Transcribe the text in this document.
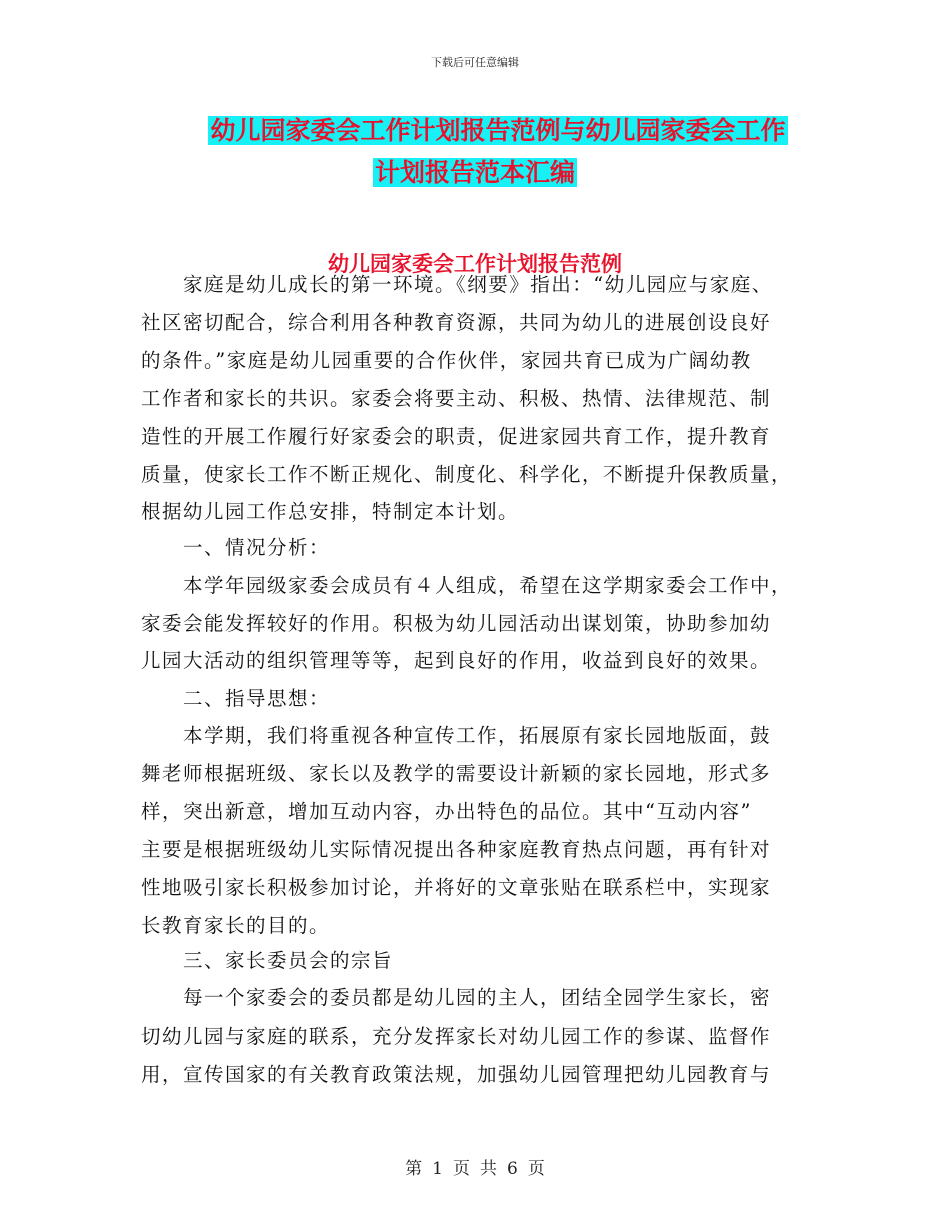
下载后可任意编辑
幼儿园家委会工作计划报告范例与幼儿园家委会工作
计划报告范本汇编
幼儿园家委会工作计划报告范例
　　家庭是幼儿成长的第一环境。《纲要》指出：“幼儿园应与家庭、
社区密切配合，综合利用各种教育资源，共同为幼儿的进展创设良好
的条件。”家庭是幼儿园重要的合作伙伴，家园共育已成为广阔幼教
工作者和家长的共识。家委会将要主动、积极、热情、法律规范、制
造性的开展工作履行好家委会的职责，促进家园共育工作，提升教育
质量，使家长工作不断正规化、制度化、科学化，不断提升保教质量，
根据幼儿园工作总安排，特制定本计划。
　　一、情况分析：
　　本学年园级家委会成员有４人组成，希望在这学期家委会工作中，
家委会能发挥较好的作用。积极为幼儿园活动出谋划策，协助参加幼
儿园大活动的组织管理等等，起到良好的作用，收益到良好的效果。
　　二、指导思想：
　　本学期，我们将重视各种宣传工作，拓展原有家长园地版面，鼓
舞老师根据班级、家长以及教学的需要设计新颖的家长园地，形式多
样，突出新意，增加互动内容，办出特色的品位。其中“互动内容”
主要是根据班级幼儿实际情况提出各种家庭教育热点问题，再有针对
性地吸引家长积极参加讨论，并将好的文章张贴在联系栏中，实现家
长教育家长的目的。
　　三、家长委员会的宗旨
　　每一个家委会的委员都是幼儿园的主人，团结全园学生家长，密
切幼儿园与家庭的联系，充分发挥家长对幼儿园工作的参谋、监督作
用，宣传国家的有关教育政策法规，加强幼儿园管理把幼儿园教育与
第 1 页 共 6 页
